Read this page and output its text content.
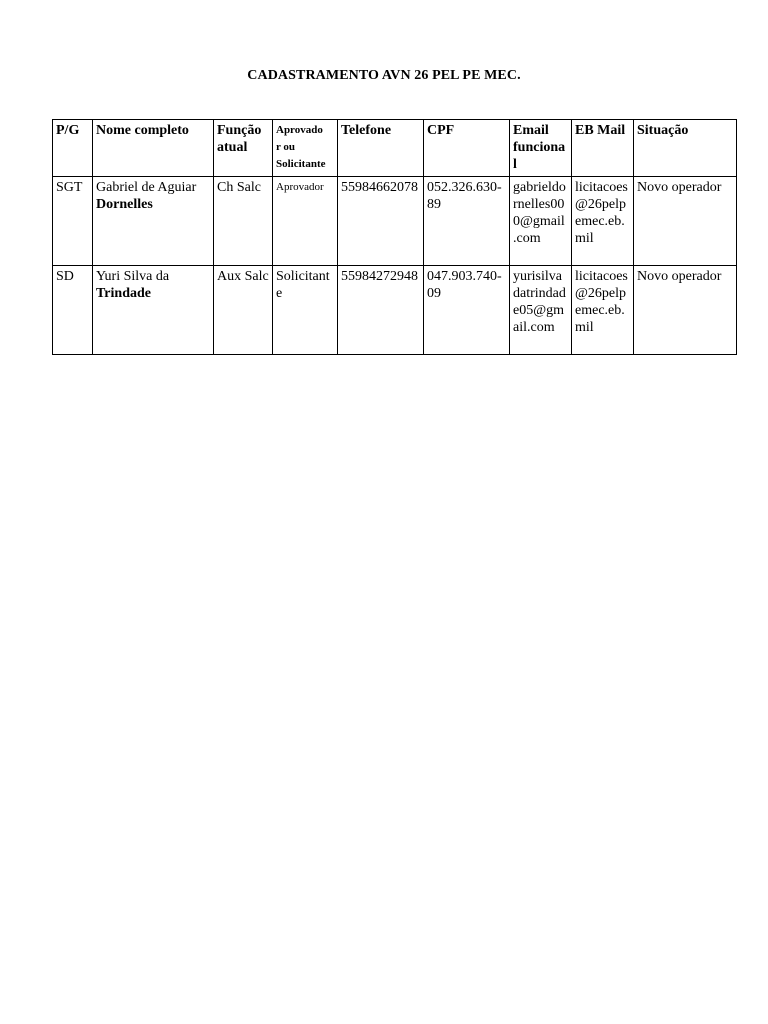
CADASTRAMENTO AVN 26 PEL PE MEC.
P/G	Nome completo	Função atual	Aprovado
r ou
Solicitante	Telefone	CPF	Email funcional	EB Mail	Situação
SGT	Gabriel de Aguiar
Dornelles	Ch Salc	Aprovador	55984662078	052.326.630-89	gabrieldornelles000@gmail.com	licitacoes@26pelpemec.eb.mil	Novo operador
SD	Yuri Silva da
Trindade	Aux Salc	Solicitante	55984272948	047.903.740-09	yurisilvadatrindade05@gmail.com	licitacoes@26pelpemec.eb.mil	Novo operador
